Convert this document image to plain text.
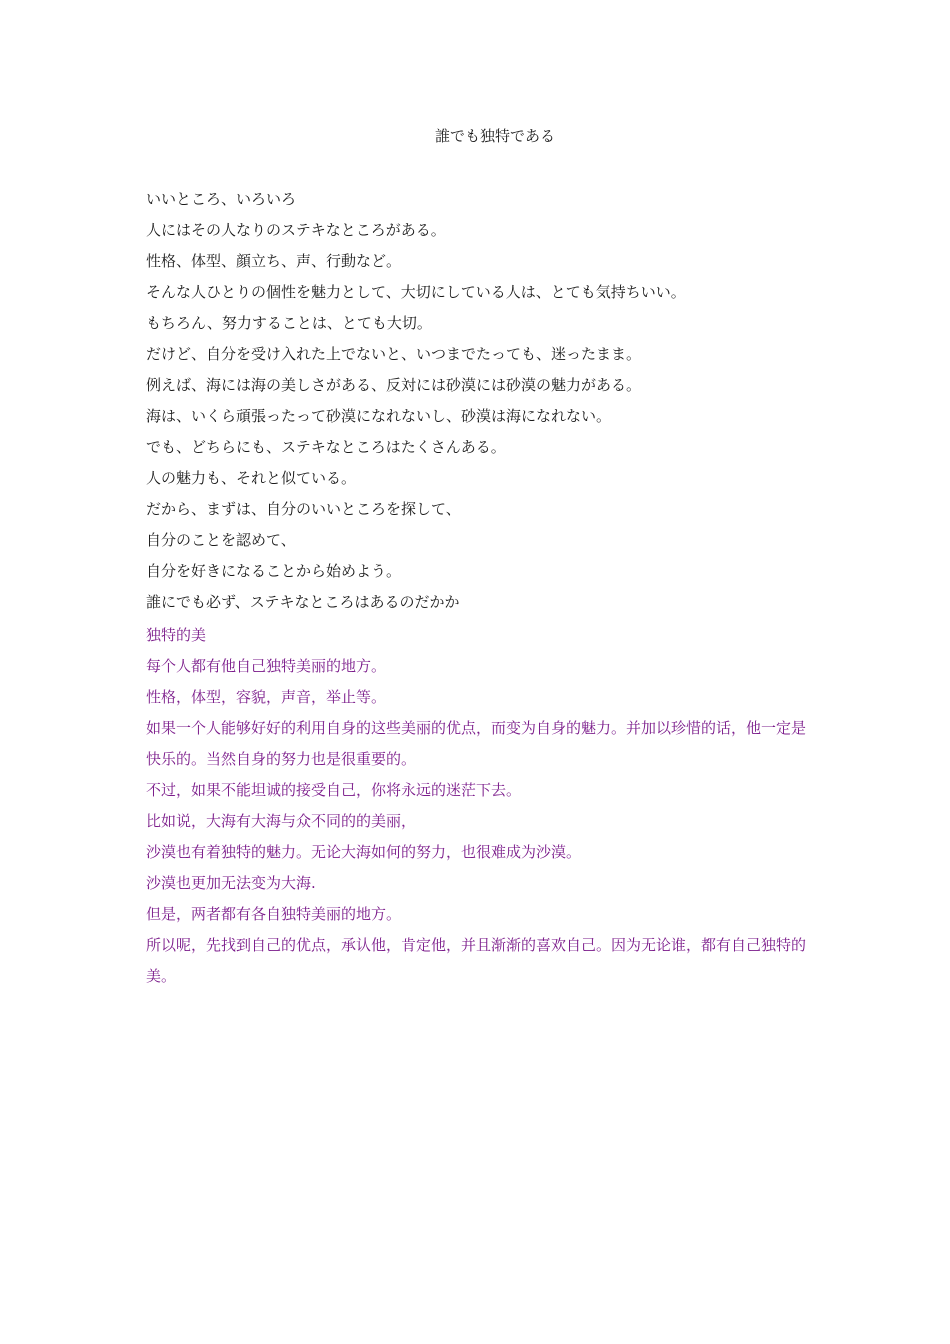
誰でも独特である
いいところ、いろいろ
人にはその人なりのステキなところがある。
性格、体型、顔立ち、声、行動など。
そんな人ひとりの個性を魅力として、大切にしている人は、とても気持ちいい。
もちろん、努力することは、とても大切。
だけど、自分を受け入れた上でないと、いつまでたっても、迷ったまま。
例えば、海には海の美しさがある、反対には砂漠には砂漠の魅力がある。
海は、いくら頑張ったって砂漠になれないし、砂漠は海になれない。
でも、どちらにも、ステキなところはたくさんある。
人の魅力も、それと似ている。
だから、まずは、自分のいいところを探して、
自分のことを認めて、
自分を好きになることから始めよう。
誰にでも必ず、ステキなところはあるのだかか
独特的美
每个人都有他自己独特美丽的地方。
性格，体型，容貌，声音，举止等。
如果一个人能够好好的利用自身的这些美丽的优点，而变为自身的魅力。并加以珍惜的话，他一定是快乐的。当然自身的努力也是很重要的。
不过，如果不能坦诚的接受自己，你将永远的迷茫下去。
比如说，大海有大海与众不同的的美丽，
沙漠也有着独特的魅力。无论大海如何的努力，也很难成为沙漠。
沙漠也更加无法变为大海.
但是，两者都有各自独特美丽的地方。
所以呢，先找到自己的优点，承认他，肯定他，并且渐渐的喜欢自己。因为无论谁，都有自己独特的美。
